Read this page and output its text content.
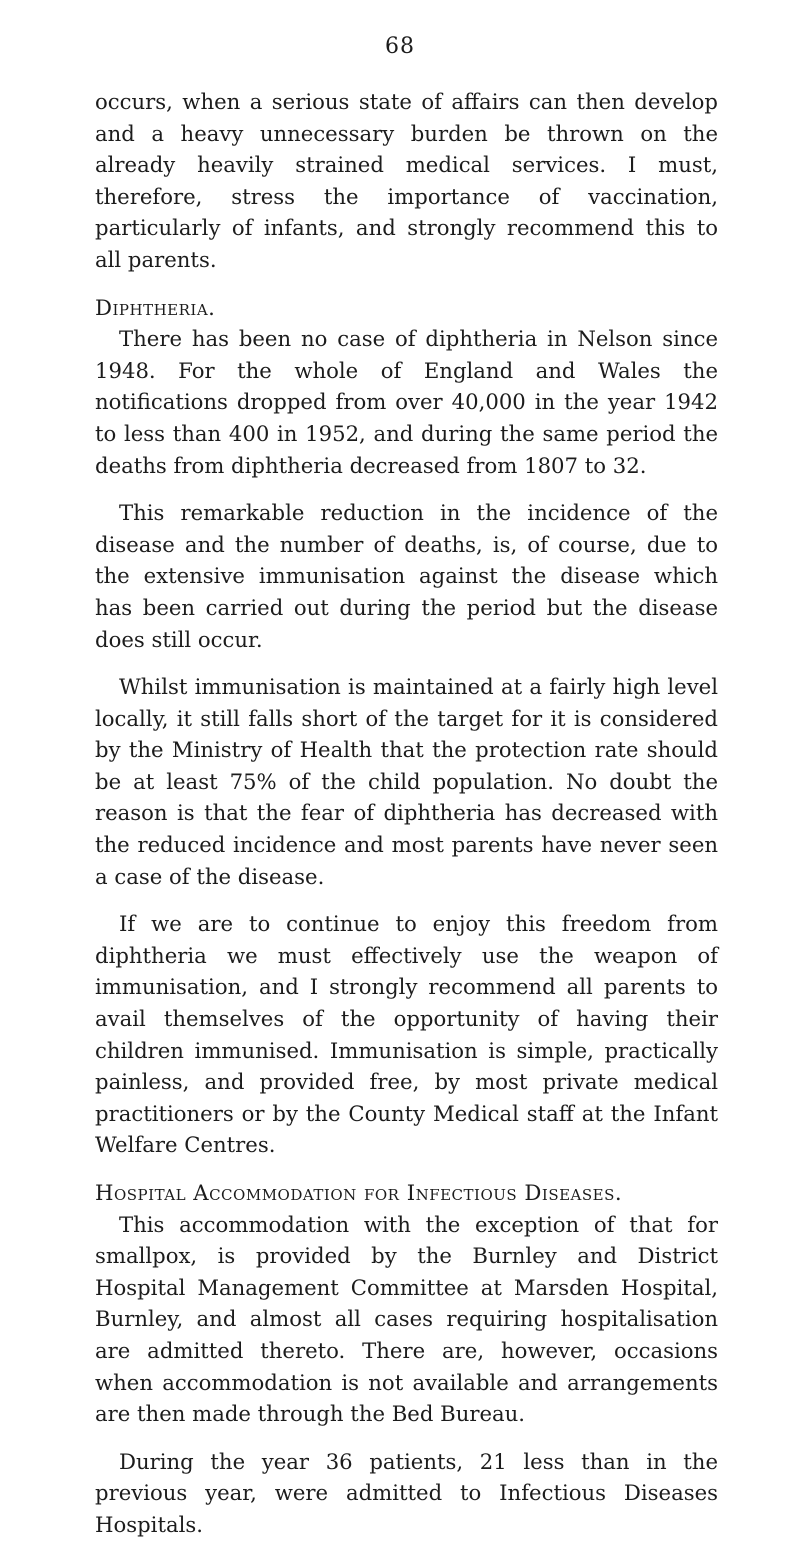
68

occurs, when a serious state of affairs can then develop and a heavy unnecessary burden be thrown on the already heavily strained medical services. I must, therefore, stress the importance of vaccination, particularly of infants, and strongly recommend this to all parents.

Diphtheria.

There has been no case of diphtheria in Nelson since 1948. For the whole of England and Wales the notifications dropped from over 40,000 in the year 1942 to less than 400 in 1952, and during the same period the deaths from diphtheria decreased from 1807 to 32.

This remarkable reduction in the incidence of the disease and the number of deaths, is, of course, due to the extensive immunisation against the disease which has been carried out during the period but the disease does still occur.

Whilst immunisation is maintained at a fairly high level locally, it still falls short of the target for it is considered by the Ministry of Health that the protection rate should be at least 75% of the child population. No doubt the reason is that the fear of diphtheria has decreased with the reduced incidence and most parents have never seen a case of the disease.

If we are to continue to enjoy this freedom from diphtheria we must effectively use the weapon of immunisation, and I strongly recommend all parents to avail themselves of the opportunity of having their children immunised. Immunisation is simple, practically painless, and provided free, by most private medical practitioners or by the County Medical staff at the Infant Welfare Centres.

Hospital Accommodation for Infectious Diseases.

This accommodation with the exception of that for smallpox, is provided by the Burnley and District Hospital Management Committee at Marsden Hospital, Burnley, and almost all cases requiring hospitalisation are admitted thereto. There are, however, occasions when accommodation is not available and arrangements are then made through the Bed Bureau.

During the year 36 patients, 21 less than in the previous year, were admitted to Infectious Diseases Hospitals.
